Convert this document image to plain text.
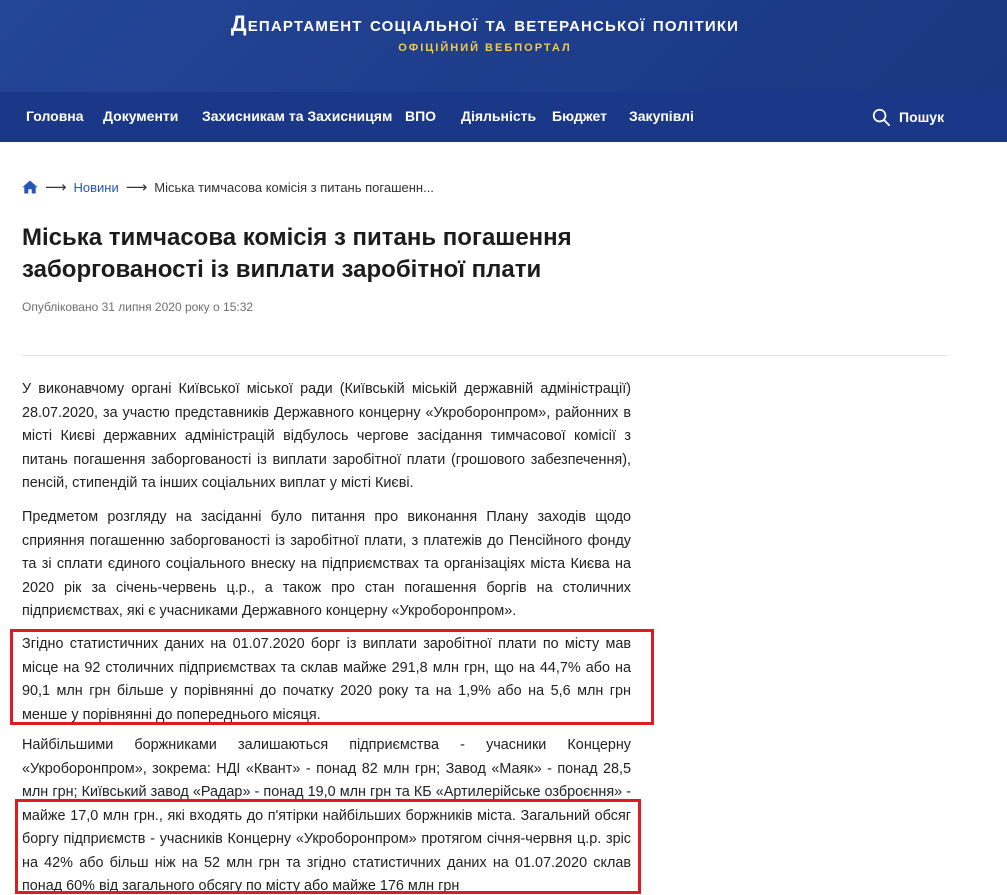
Департамент соціальної та ветеранської політики
ОФІЦІЙНИЙ ВЕБПОРТАЛ
Головна Документи Захисникам та Захисницям ВПО Діяльність Бюджет Закупівлі	Пошук
⟶ Новини ⟶ Міська тимчасова комісія з питань погашенн...
Міська тимчасова комісія з питань погашення заборгованості із виплати заробітної плати
Опубліковано 31 липня 2020 року о 15:32

У виконавчому органі Київської міської ради (Київській міській державній адміністрації) 28.07.2020, за участю представників Державного концерну «Укроборонпром», районних в місті Києві державних адміністрацій відбулось чергове засідання тимчасової комісії з питань погашення заборгованості із виплати заробітної плати (грошового забезпечення), пенсій, стипендій та інших соціальних виплат у місті Києві.

Предметом розгляду на засіданні було питання про виконання Плану заходів щодо сприяння погашенню заборгованості із заробітної плати, з платежів до Пенсійного фонду та зі сплати єдиного соціального внеску на підприємствах та організаціях міста Києва на 2020 рік за січень-червень ц.р., а також про стан погашення боргів на столичних підприємствах, які є учасниками Державного концерну «Укроборонпром».

Згідно статистичних даних на 01.07.2020 борг із виплати заробітної плати по місту мав місце на 92 столичних підприємствах та склав майже 291,8 млн грн, що на 44,7% або на 90,1 млн грн більше у порівнянні до початку 2020 року та на 1,9% або на 5,6 млн грн менше у порівнянні до попереднього місяця.

Найбільшими боржниками залишаються підприємства - учасники Концерну «Укроборонпром», зокрема: НДІ «Квант» - понад 82 млн грн; Завод «Маяк» - понад 28,5 млн грн; Київський завод «Радар» - понад 19,0 млн грн та КБ «Артилерійське озброєння» - майже 17,0 млн грн., які входять до п'ятірки найбільших боржників міста. Загальний обсяг боргу підприємств - учасників Концерну «Укроборонпром» протягом січня-червня ц.р. зріс на 42% або більш ніж на 52 млн грн та згідно статистичних даних на 01.07.2020 склав понад 60% від загального обсягу по місту або майже 176 млн грн
